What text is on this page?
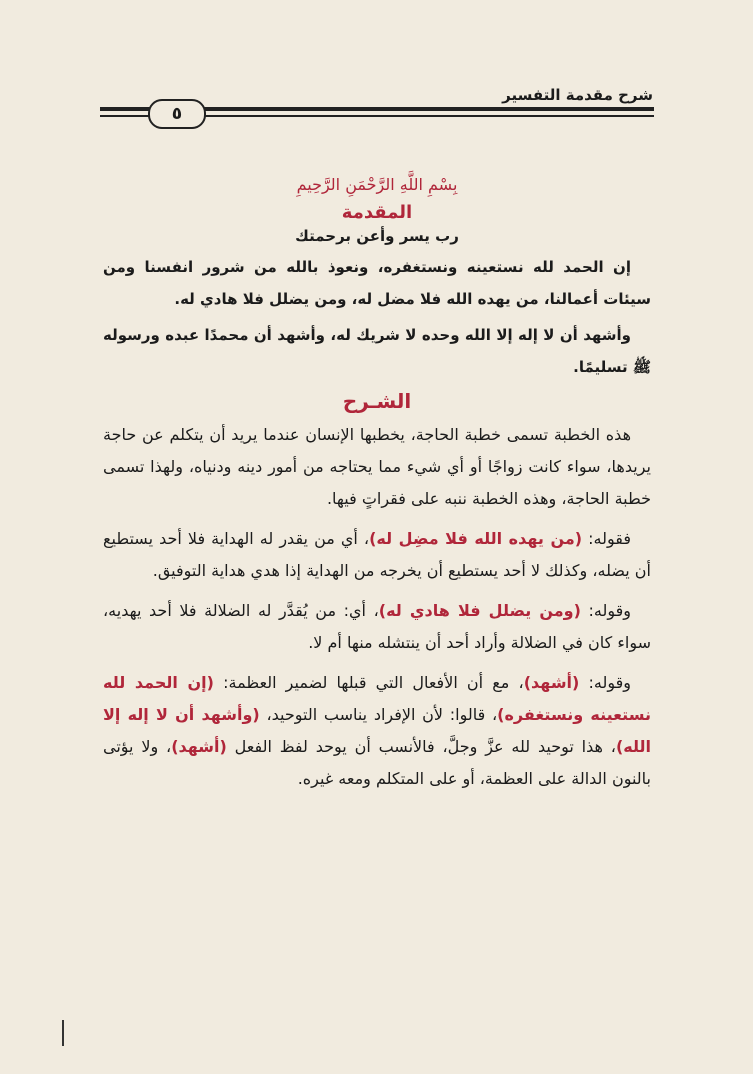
شرح مقدمة التفسير
٥

بِسْمِ اللَّهِ الرَّحْمَنِ الرَّحِيمِ

المقدمة

رب يسر وأعن برحمتك

إن الحمد لله نستعينه ونستغفره، ونعوذ بالله من شرور انفسنا ومن سيئات أعمالنا، من يهده الله فلا مضل له، ومن يضلل فلا هادي له.

وأشهد أن لا إله إلا الله وحده لا شريك له، وأشهد أن محمدًا عبده ورسوله ﷺ تسليمًا.

الشـرح

هذه الخطبة تسمى خطبة الحاجة، يخطبها الإنسان عندما يريد أن يتكلم عن حاجة يريدها، سواء كانت زواجًا أو أي شيء مما يحتاجه من أمور دينه ودنياه، ولهذا تسمى خطبة الحاجة، وهذه الخطبة ننبه على فقراتٍ فيها.

فقوله: (من يهده الله فلا مضِل له)، أي من يقدر له الهداية فلا أحد يستطيع أن يضله، وكذلك لا أحد يستطيع أن يخرجه من الهداية إذا هدي هداية التوفيق.

وقوله: (ومن يضلل فلا هادي له)، أي: من يُقدَّر له الضلالة فلا أحد يهديه، سواء كان في الضلالة وأراد أحد أن ينتشله منها أم لا.

وقوله: (أشهد)، مع أن الأفعال التي قبلها لضمير العظمة: (إن الحمد لله نستعينه ونستغفره)، قالوا: لأن الإفراد يناسب التوحيد، (وأشهد أن لا إله إلا الله)، هذا توحيد لله عزَّ وجلَّ، فالأنسب أن يوحد لفظ الفعل (أشهد)، ولا يؤتى بالنون الدالة على العظمة، أو على المتكلم ومعه غيره.
